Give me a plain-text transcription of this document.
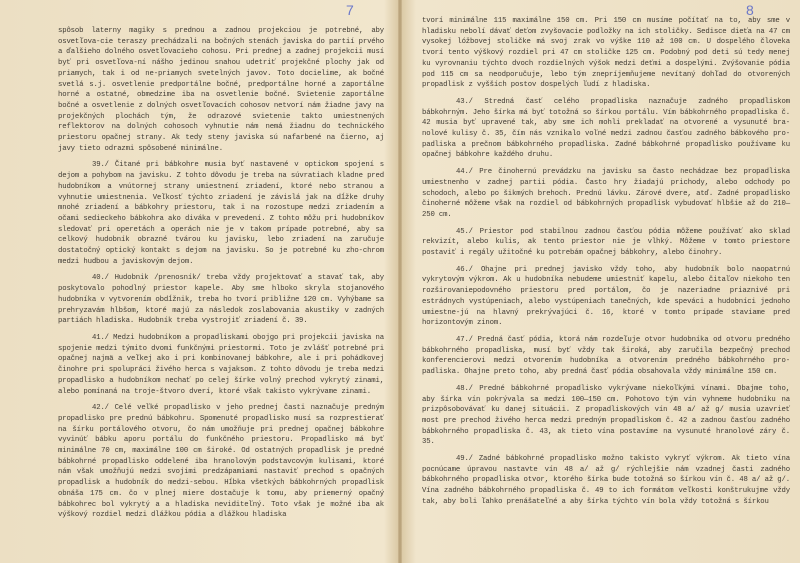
7

spôsob laterny magiky s prednou a zadnou projekciou je potrebné, aby osvetľova-cie teraszy prechádzali na bočných stenách javiska do partií prvého a ďalšieho dolného osvetľovacieho cohosu. Pri prednej a zadnej projekcii musí byť pri osvetľova-ní nášho jedinou snahou udetriť projekčné plochy jak od priamych, tak i od ne-priamych svetelných javov. Toto docielime, ak bočné svetlá s.j. osvetlenie predportálne bočné, predportálne horné a zaportálne horné a ostatné, obmedzime iba na osvetlenie bočné. Svietenie zaportálne bočné a osvetlenie z dolných osvetľovacích cohosov netvorí nám žiadne javy na projekčných plochách tým, že odrazové svietenie takto umiestnených reflektorov na dolných cohosoch vyhnutie nám nemá žiadnu do technického priestoru opačnej strany. Ak tedy steny javiska sú nafarbené na čierno, aj javy tieto odrazmi spôsobené minimálne.

39./ Čitané pri bábkohre musia byť nastavené v optickom spojení s dejom a pohybom na javisku. Z tohto dôvodu je treba na súvratiach kladne pred hudobníkom a vnútornej strany umiestnení zriadení, ktoré nebo stranou a vyhnutie umiestnenia. Veľkosť týchto zriadení je závislá jak na dĺžke druhy mnohé zriadení a bábkohry priestoru, tak i na rozostupe medzi zriadením a očami sedieckeho bábkohra ako diváka v prevedení. Z tohto môžu pri hudobníkov sledovať pri operetách a operách nie je v takom prípade potrebné, aby sa celkový hudobník obrazné tvárou ku javisku, lebo zriadení na zaručuje dostatočný optický kontakt s dejom na javisku. So je potrebné ku zho-chrom medzi hudbou a javiskovým dejom.

40./ Hudobnik /prenosník/ treba vždy projektovať a stavať tak, aby poskytovalo pohodlný priestor kapele. Aby sme hlboko skryla stojanového hudobníka v vytvorením obdĺžnik, treba ho tvorí približne 120 cm. Vyhýbame sa prehryzavám hlbšom, ktoré majú za následok zoslabovania akustiky v zadných partiách hladiska. Hudobník treba vystrojiť zriadení č. 39.

41./ Medzi hudobníkom a propadliskami obojgo pri projekcii javiska na spojenie medzi týmito dvomi funkčnými priestormi. Toto je zvlášť potrebné pri opačnej najmä a veľkej ako i pri kombinovanej bábkohre, ale i pri pohádkovej činohre pri spolupráci živého herca s vajaksom. Z tohto dôvodu je treba medzi propadlisko a hudobníkom nechať po celej šírke volný prechod vykrytý zinami, alebo pomínaná na troje-štvoro dverí, ktoré však takisto vykrývame zinami.

42./ Celé veľké propadlisko v jeho prednej časti naznačuje predným propadlisko pre prednú bábkohru. Spomenuté propadlisko musí sa rozprestierať na šírku portálového otvoru, čo nám umožňuje pri prednej opačnej bábkohre vyvinúť bábku aporu portálu do funkčného priestoru. Propadlisko má byť minimálne 70 cm, maximálne 100 cm široké. Od ostatných propadlisk je predné bábkohrné propadlisko oddelené iba hranolovým podstavcovým kulisami, ktoré nám však umožňujú medzi svojimi predzápamiami nastaviť prechod s opačných propadlisk a hudobník do medzi-sebou. Hĺbka všetkých bábkohrných propadlisk obnáša 175 cm. čo v plnej miere dostačuje k tomu, aby priemerný opačný bábkohrec bol vykrytý a a hladiska neviditeľný. Toto však je možné iba ak výškový rozdiel medzi dlážkou pódia a dlážkou hladiska

8

tvorí minimálne 115 maximálne 150 cm. Pri 150 cm musíme počítať na to, aby sme v hladisku nebolí dávať deťom zvyšovacie podložky na ich stoličky. Sedisce dieťa na 47 cm vysokej lóžbovej stoličke má svoj zrak vo výške 110 až 100 cm. U dospelého človeka tvorí tento výškový rozdiel pri 47 cm stoličke 125 cm. Podobný pod deti sú tedy menej ku vyrovnaniu týchto dvoch rozdielných výšok medzi deťmi a dospelými. Zvýšovanie pódia pod 115 cm sa neodporučuje, lebo tým znepríjemňujeme nevítaný dohľad do otvorených propadlisk z vyšších postov dospelých ľudí z hladiska.

43./ Stredná časť celého propadliska naznačuje zadného propadliskom bábkohrným. Jeho šírka má byť totožná so šírkou portálu. Vím bábkohrného propadliska č. 42 musia byť upravené tak, aby sme ich mohli prekladať na otvorené a vysunuté bra-nolové kulisy č. 35, čím nás vznikalo voľné medzi zadnou časťou zadného bábkového pro-padliska a prečnom bábkohrného propadliska. Zadné bábkohrné propadlisko používame ku opačnej bábkohre každého druhu.

44./ Pre činohernú prevádzku na javisku sa často nechádzae bez propadliska umiestnenho v zadnej partii pódia. Často hry žiadajú prichody, alebo odchody po schodoch, alebo po šikmých brehoch. Prednú lávku. Zárové dvere, atď. Zadné propadlisko činoherné môžeme však na rozdiel od bábkohrných propadlisk vybudovať hlbšie až do 210—250 cm.

45./ Priestor pod stabilnou zadnou časťou pódia môžeme používať ako sklad rekvizít, alebo kulis, ak tento priestor nie je vlhký. Môžeme v tomto priestore postaviť i regály užitočné ku potrebám opačnej bábkohry, alebo činohry.

46./ Ohajne pri prednej javisko vždy toho, aby hudobník bolo naopatrnú vykrytovým výkrom. Ak u hudobníka nebudeme umiestniť kapelu, alebo čitaľov niekoho ten rozširovaniepodovného priestoru pred portálom, čo je nazeriadne priaznivé pri estrádnych vystúpeniach, alebo vystúpeniach tanečných, kde speváci a hudobníci jednoho umiestne-jú na hlavný prekrývajúci č. 16, ktoré v tomto prípade staviame pred horizontovým zinom.

47./ Predná časť pódia, ktorá nám rozdeľuje otvor hudobníka od otvoru predného bábkohrného propadliska, musí byť vždy tak široká, aby zaručila bezpečný prechod konferencierovi medzi otvorením hudobníka a otvorením predného bábkohrného pro-padliska. Ohajne preto toho, aby predná časť pódia obsahovala vždy minimálne 150 cm.

48./ Predné bábkohrné propadlisko vykrývame niekoľkými vínami. Dbajme toho, aby šírka vín pokrývala sa medzi 100—150 cm. Pohotovo tým vín vyhneme hudobníku na prizpôsobovávať ku danej situácii. Z propadliskových vín 48 a/ až g/ musia uzavrieť most pre prechod živého herca medzi predným propadliskom č. 42 a zadnou časťou zadného bábkohrného propadliska č. 43, ak tieto vína postavíme na vysunuté hranolové záry č. 35.

49./ Zadné bábkohrné propadlisko možno takisto vykryť výkrom. Ak tieto vína pocnúcame úpravou nastavte vín 48 a/ až g/ rýchlejšie nám vzadnej časti zadného bábkohrného propadliska otvor, ktorého šírka bude totožná so šírkou vín č. 48 a/ až g/. Vína zadného bábkohrného propadliska č. 49 to ich formátom veľkosti konštrukujme vždy tak, aby boli ľahko prenášateľné a aby šírka týchto vín bola vždy totožná s šírkou
